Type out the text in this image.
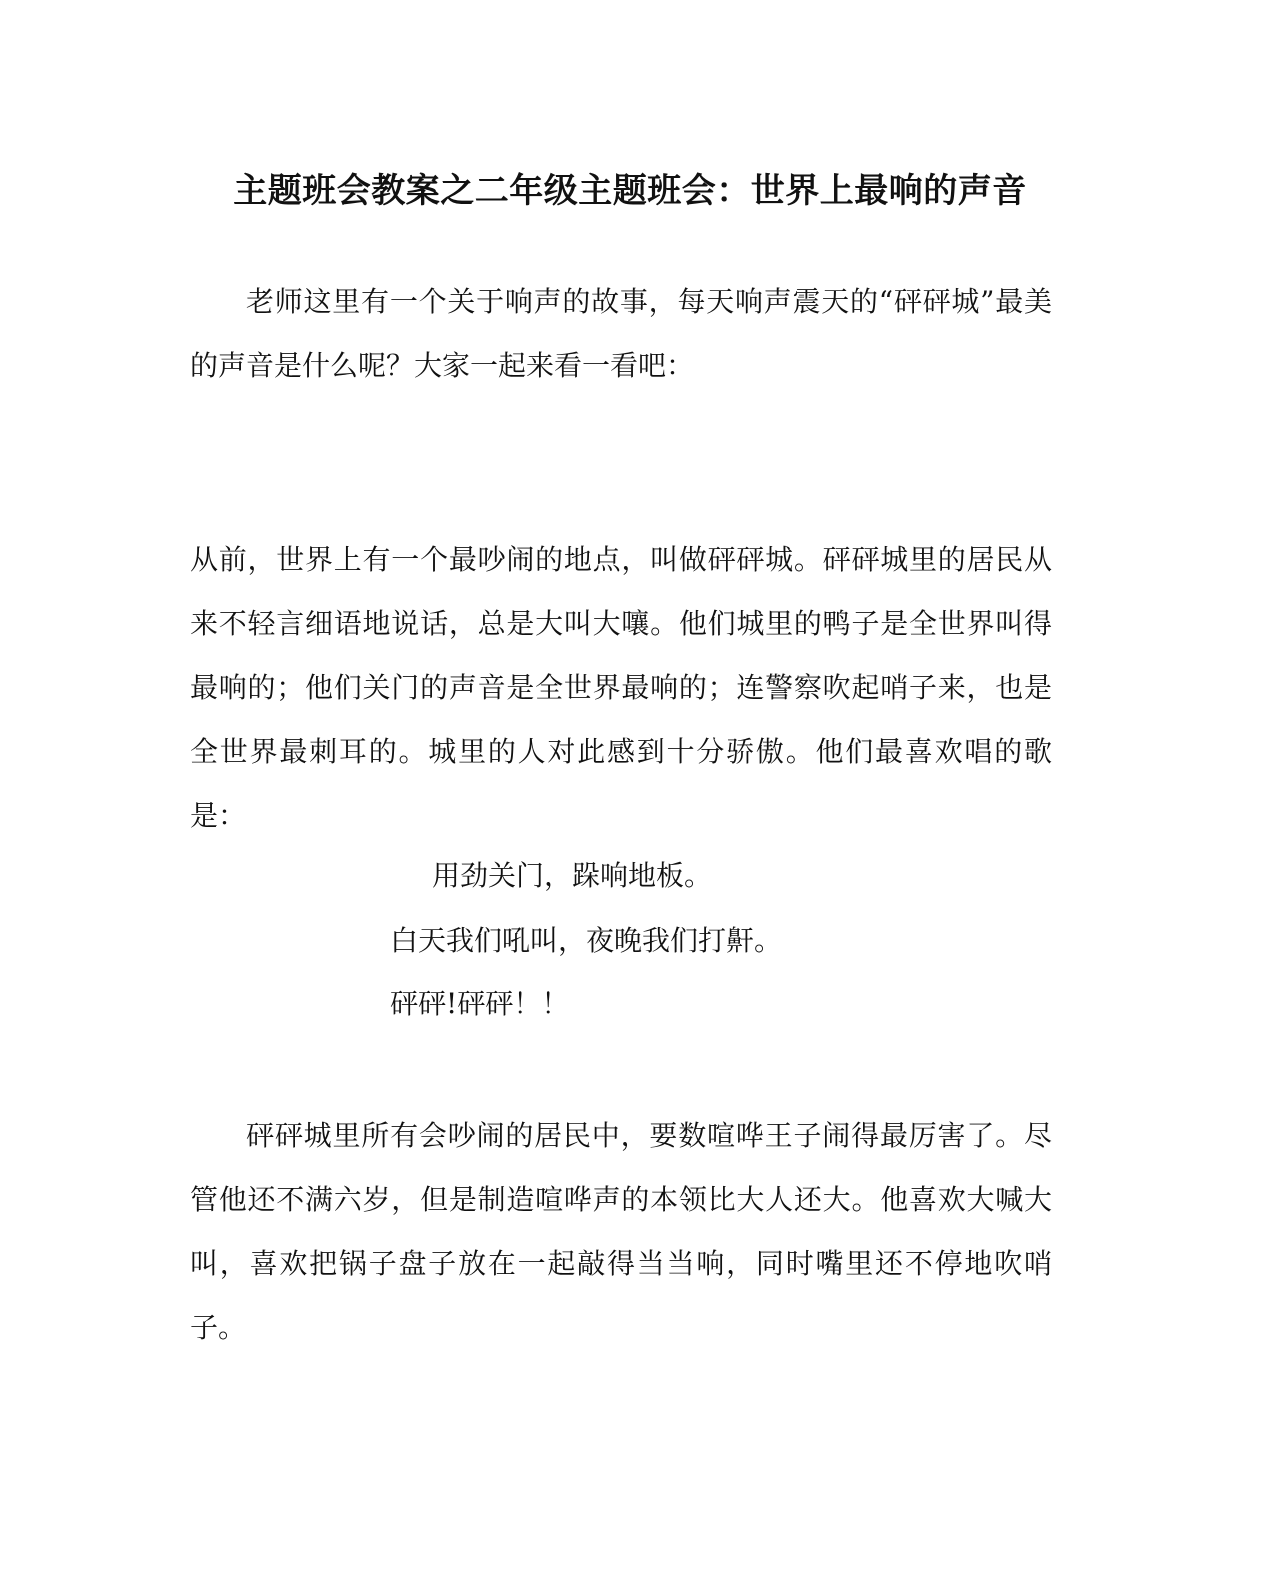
主题班会教案之二年级主题班会：世界上最响的声音

老师这里有一个关于响声的故事，每天响声震天的“砰砰城”最美的声音是什么呢？大家一起来看一看吧：

从前，世界上有一个最吵闹的地点，叫做砰砰城。砰砰城里的居民从来不轻言细语地说话，总是大叫大嚷。他们城里的鸭子是全世界叫得最响的；他们关门的声音是全世界最响的；连警察吹起哨子来，也是全世界最刺耳的。城里的人对此感到十分骄傲。他们最喜欢唱的歌是：

用劲关门，跺响地板。
白天我们吼叫，夜晚我们打鼾。
砰砰!砰砰！！

砰砰城里所有会吵闹的居民中，要数喧哗王子闹得最厉害了。尽管他还不满六岁，但是制造喧哗声的本领比大人还大。他喜欢大喊大叫，喜欢把锅子盘子放在一起敲得当当响，同时嘴里还不停地吹哨子。
